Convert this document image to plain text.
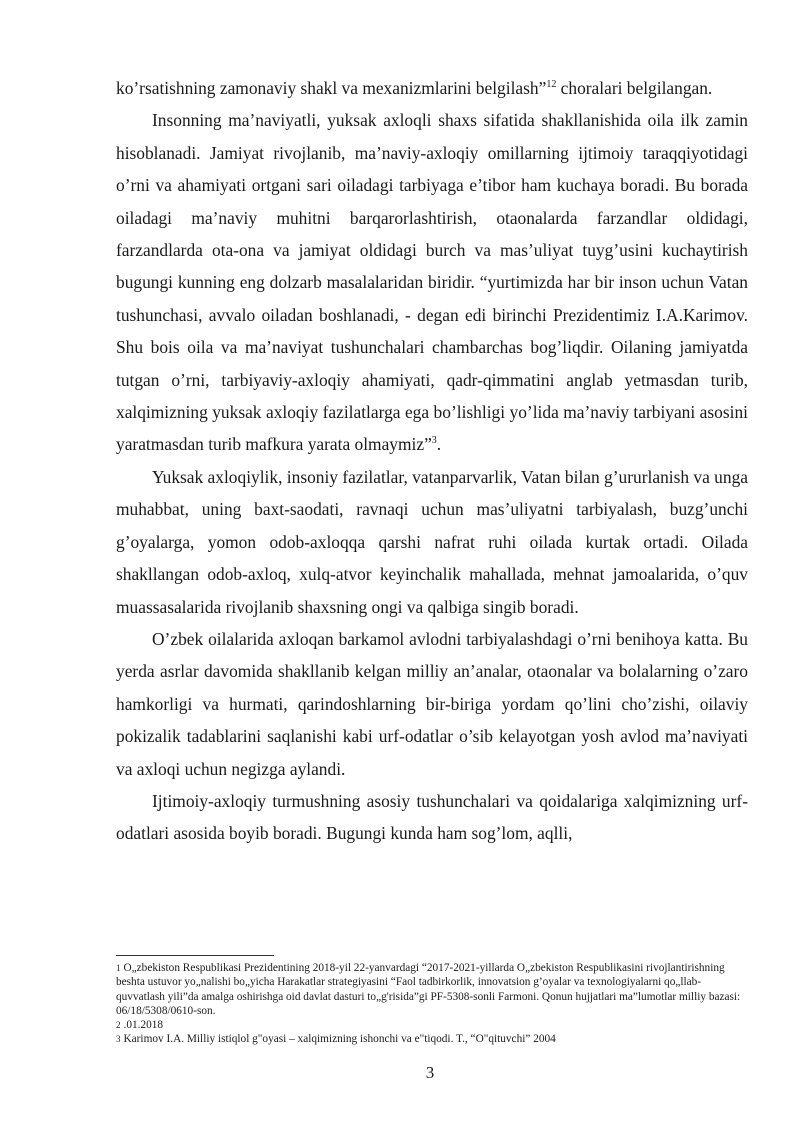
ko’rsatishning zamonaviy shakl va mexanizmlarini belgilash”$^{12}$ choralari belgilangan.

Insonning ma’naviyatli, yuksak axloqli shaxs sifatida shakllanishida oila ilk zamin hisoblanadi. Jamiyat rivojlanib, ma’naviy-axloqiy omillarning ijtimoiy taraqqiyotidagi o’rni va ahamiyati ortgani sari oiladagi tarbiyaga e’tibor ham kuchaya boradi. Bu borada oiladagi ma’naviy muhitni barqarorlashtirish, otaonalarda farzandlar oldidagi, farzandlarda ota-ona va jamiyat oldidagi burch va mas’uliyat tuyg’usini kuchaytirish bugungi kunning eng dolzarb masalalaridan biridir. “yurtimizda har bir inson uchun Vatan tushunchasi, avvalo oiladan boshlanadi, - degan edi birinchi Prezidentimiz I.A.Karimov. Shu bois oila va ma’naviyat tushunchalari chambarchas bog’liqdir. Oilaning jamiyatda tutgan o’rni, tarbiyaviy-axloqiy ahamiyati, qadr-qimmatini anglab yetmasdan turib, xalqimizning yuksak axloqiy fazilatlarga ega bo’lishligi yo’lida ma’naviy tarbiyani asosini yaratmasdan turib mafkura yarata olmaymiz”$^3$.

Yuksak axloqiylik, insoniy fazilatlar, vatanparvarlik, Vatan bilan g’ururlanish va unga muhabbat, uning baxt-saodati, ravnaqi uchun mas’uliyatni tarbiyalash, buzg’unchi g’oyalarga, yomon odob-axloqqa qarshi nafrat ruhi oilada kurtak ortadi. Oilada shakllangan odob-axloq, xulq-atvor keyinchalik mahallada, mehnat jamoalarida, o’quv muassasalarida rivojlanib shaxsning ongi va qalbiga singib boradi.

O’zbek oilalarida axloqan barkamol avlodni tarbiyalashdagi o’rni benihoya katta. Bu yerda asrlar davomida shakllanib kelgan milliy an’analar, otaonalar va bolalarning o’zaro hamkorligi va hurmati, qarindoshlarning bir-biriga yordam qo’lini cho’zishi, oilaviy pokizalik tadablarini saqlanishi kabi urf-odatlar o’sib kelayotgan yosh avlod ma’naviyati va axloqi uchun negizga aylandi.

Ijtimoiy-axloqiy turmushning asosiy tushunchalari va qoidalariga xalqimizning urf-odatlari asosida boyib boradi. Bugungi kunda ham sog’lom, aqlli,

1 O„zbekiston Respublikasi Prezidentining 2018-yil 22-yanvardagi “2017-2021-yillarda O„zbekiston Respublikasini rivojlantirishning beshta ustuvor yo„nalishi bo„yicha Harakatlar strategiyasini “Faol tadbirkorlik, innovatsion g’oyalar va texnologiyalarni qo„llab-quvvatlash yili”da amalga oshirishga oid davlat dasturi to„g'risida”gi PF-5308-sonli Farmoni. Qonun hujjatlari ma”lumotlar milliy bazasi: 06/18/5308/0610-son.

2 .01.2018

3 Karimov I.A. Milliy istiqlol g"oyasi – xalqimizning ishonchi va e"tiqodi. T., “O"qituvchi” 2004

3
